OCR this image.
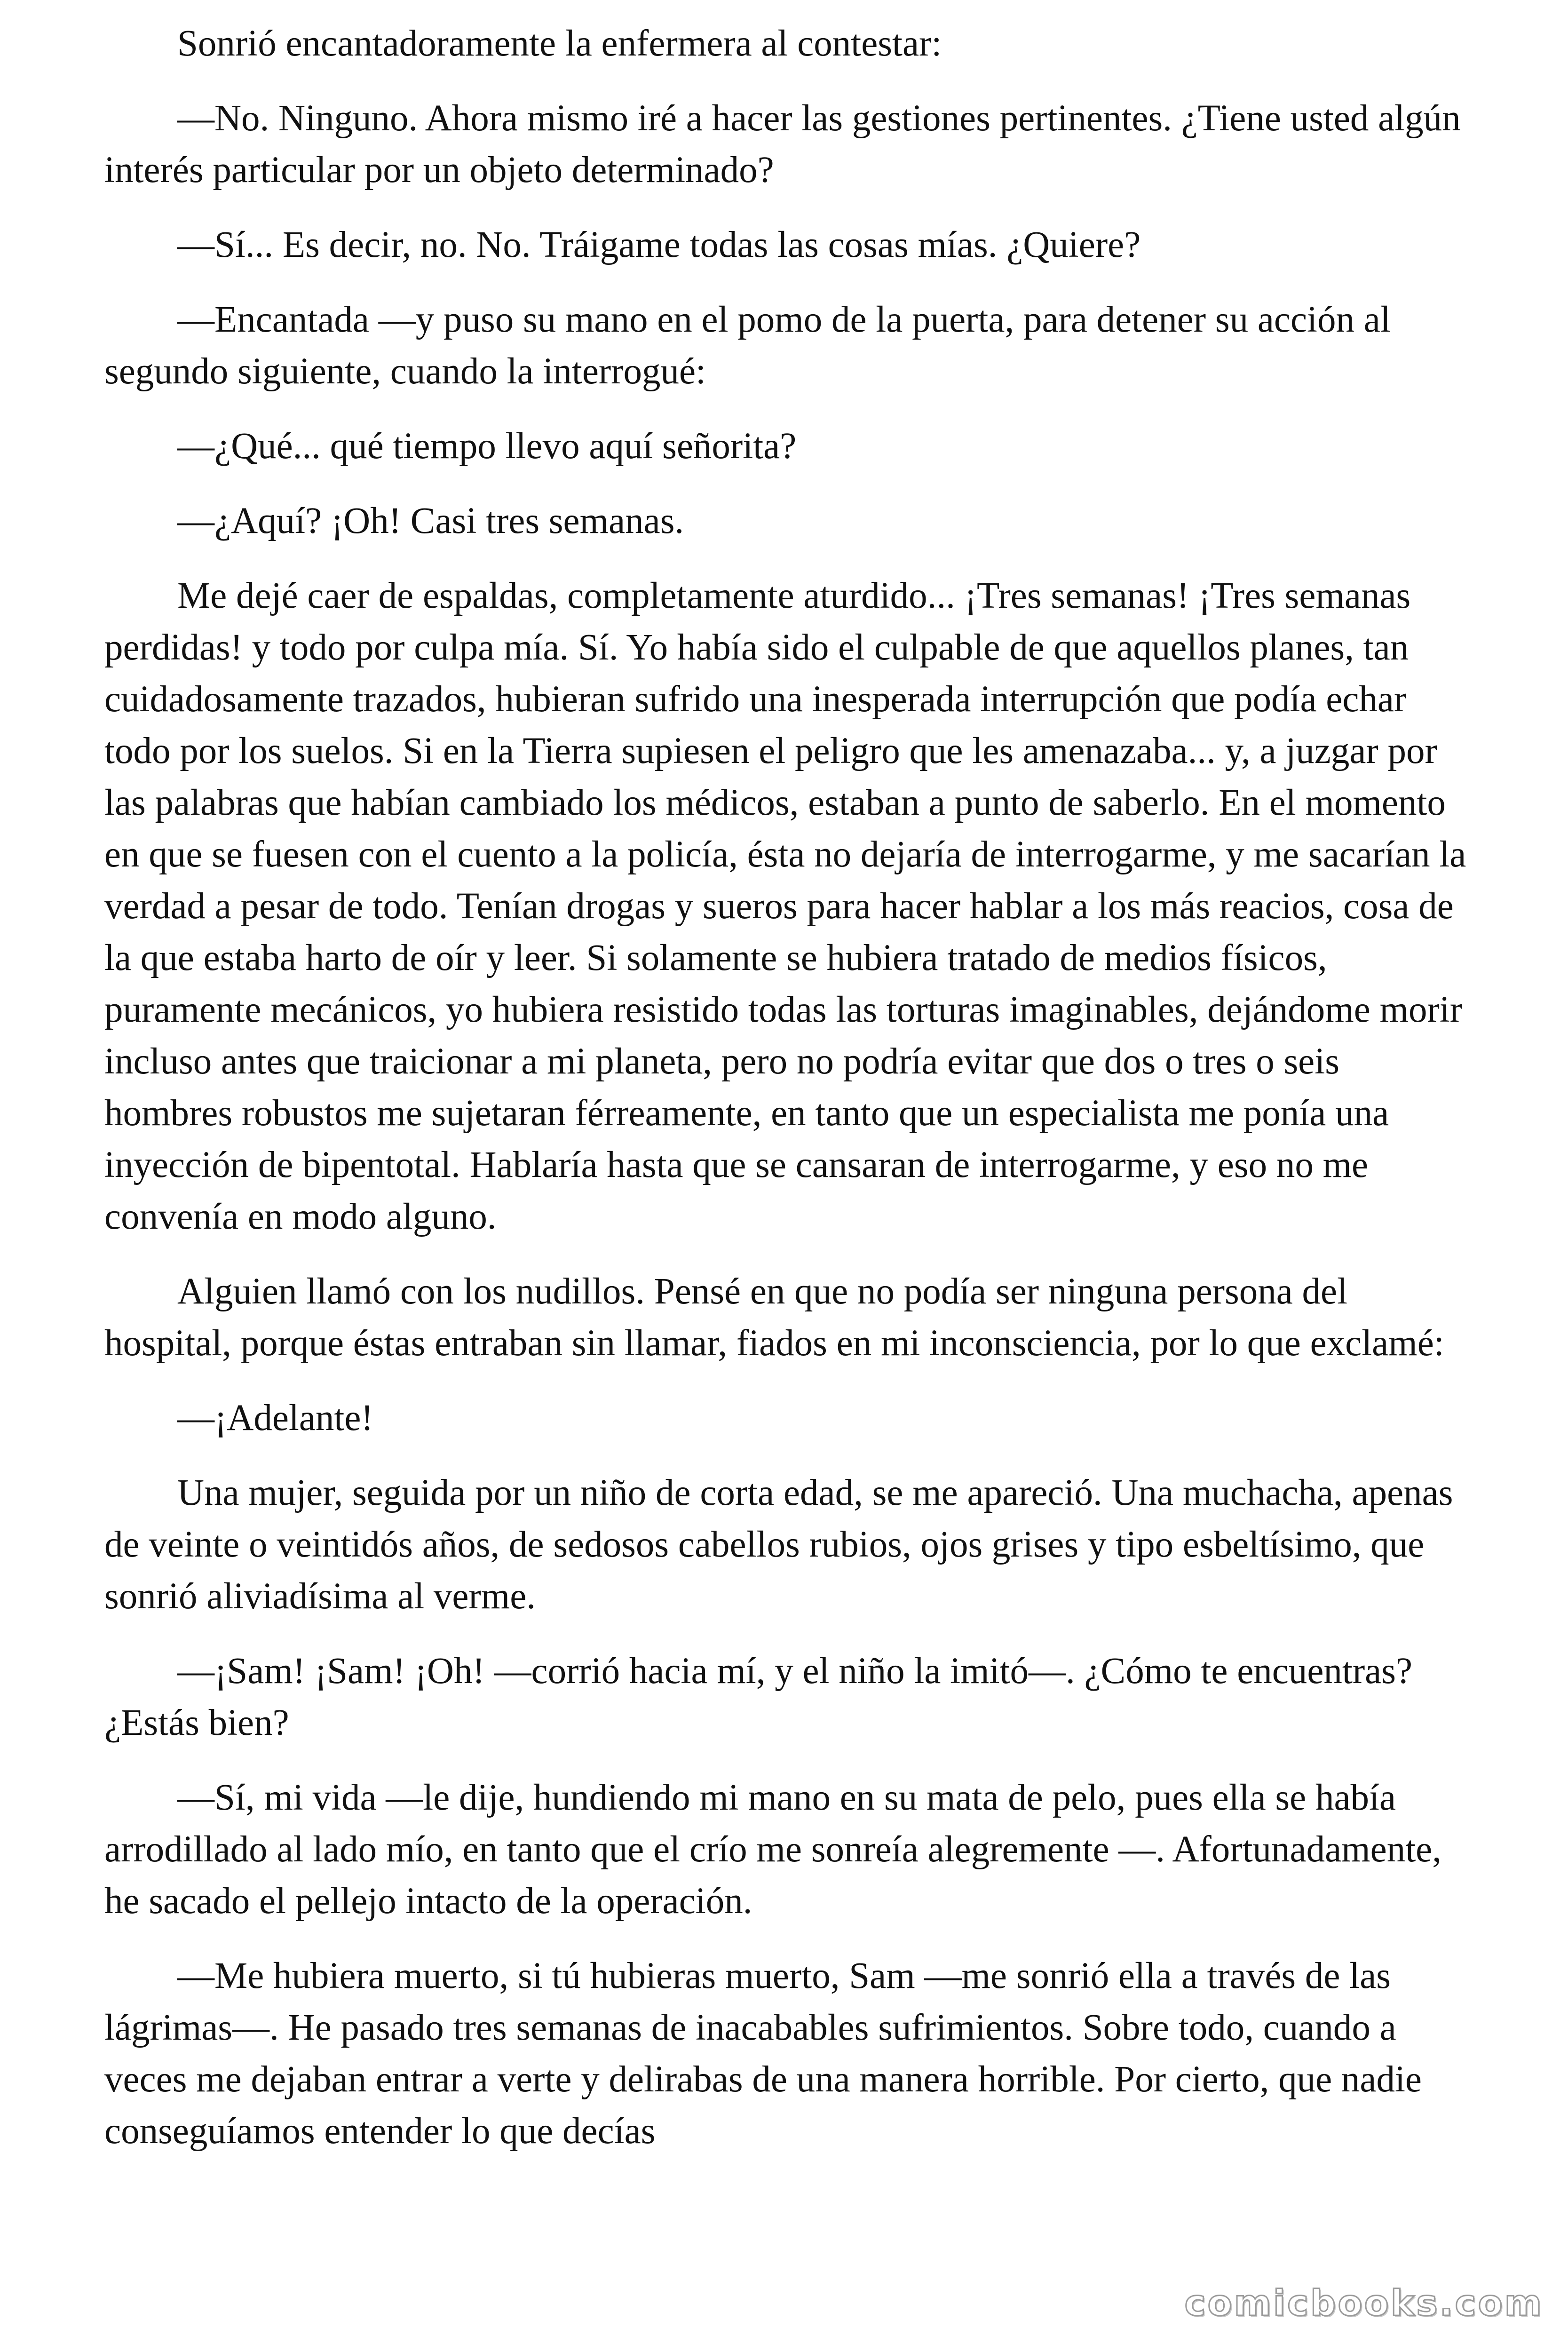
Sonrió encantadoramente la enfermera al contestar:

—No. Ninguno. Ahora mismo iré a hacer las gestiones pertinentes. ¿Tiene usted algún interés particular por un objeto determinado?

—Sí... Es decir, no. No. Tráigame todas las cosas mías. ¿Quiere?

—Encantada —y puso su mano en el pomo de la puerta, para detener su acción al segundo siguiente, cuando la interrogué:

—¿Qué... qué tiempo llevo aquí señorita?

—¿Aquí? ¡Oh! Casi tres semanas.

Me dejé caer de espaldas, completamente aturdido... ¡Tres semanas! ¡Tres semanas perdidas! y todo por culpa mía. Sí. Yo había sido el culpable de que aquellos planes, tan cuidadosamente trazados, hubieran sufrido una inesperada interrupción que podía echar todo por los suelos. Si en la Tierra supiesen el peligro que les amenazaba... y, a juzgar por las palabras que habían cambiado los médicos, estaban a punto de saberlo. En el momento en que se fuesen con el cuento a la policía, ésta no dejaría de interrogarme, y me sacarían la verdad a pesar de todo. Tenían drogas y sueros para hacer hablar a los más reacios, cosa de la que estaba harto de oír y leer. Si solamente se hubiera tratado de medios físicos, puramente mecánicos, yo hubiera resistido todas las torturas imaginables, dejándome morir incluso antes que traicionar a mi planeta, pero no podría evitar que dos o tres o seis hombres robustos me sujetaran férreamente, en tanto que un especialista me ponía una inyección de bipentotal. Hablaría hasta que se cansaran de interrogarme, y eso no me convenía en modo alguno.

Alguien llamó con los nudillos. Pensé en que no podía ser ninguna persona del hospital, porque éstas entraban sin llamar, fiados en mi inconsciencia, por lo que exclamé:

—¡Adelante!

Una mujer, seguida por un niño de corta edad, se me apareció. Una muchacha, apenas de veinte o veintidós años, de sedosos cabellos rubios, ojos grises y tipo esbeltísimo, que sonrió aliviadísima al verme.

—¡Sam! ¡Sam! ¡Oh! —corrió hacia mí, y el niño la imitó—. ¿Cómo te encuentras? ¿Estás bien?

—Sí, mi vida —le dije, hundiendo mi mano en su mata de pelo, pues ella se había arrodillado al lado mío, en tanto que el crío me sonreía alegremente —. Afortunadamente, he sacado el pellejo intacto de la operación.

—Me hubiera muerto, si tú hubieras muerto, Sam —me sonrió ella a través de las lágrimas—. He pasado tres semanas de inacabables sufrimientos. Sobre todo, cuando a veces me dejaban entrar a verte y delirabas de una manera horrible. Por cierto, que nadie conseguíamos entender lo que decías

comicbooks.com
